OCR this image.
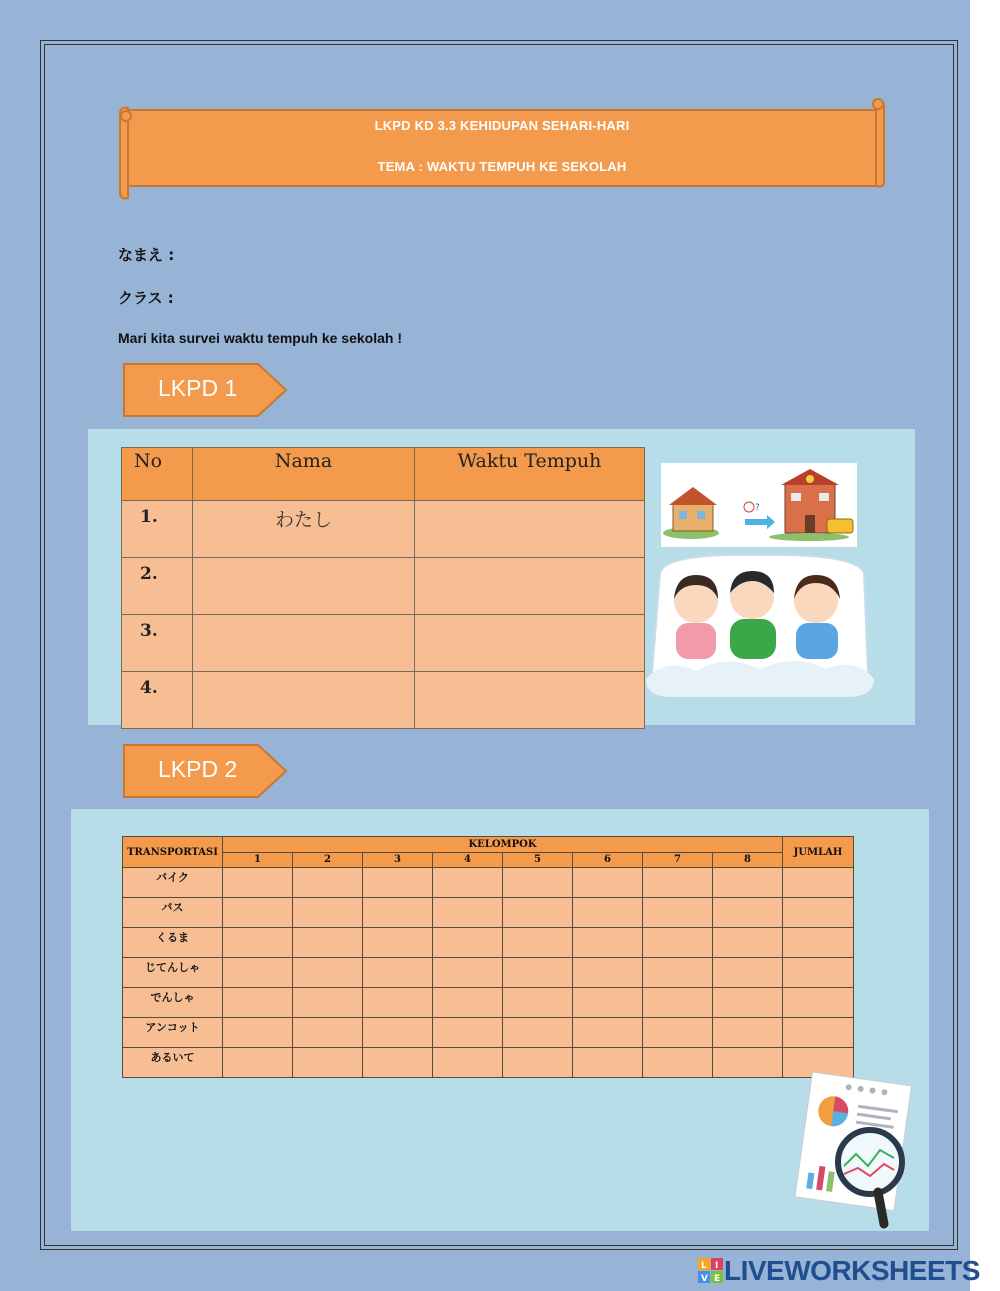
LKPD KD 3.3 KEHIDUPAN SEHARI-HARI
TEMA : WAKTU TEMPUH KE SEKOLAH
なまえ :
クラス :
Mari kita survei waktu tempuh ke sekolah !
LKPD 1
No	Nama	Waktu Tempuh
1.	わたし	
2.		
3.		
4.		
?
LKPD 2
TRANSPORTASI	KELOMPOK								JUMLAH
	1	2	3	4	5	6	7	8	
バイク									
バス									
くるま									
じてんしゃ									
でんしゃ									
アンコット									
あるいて									
L I
V E LIVEWORKSHEETS
